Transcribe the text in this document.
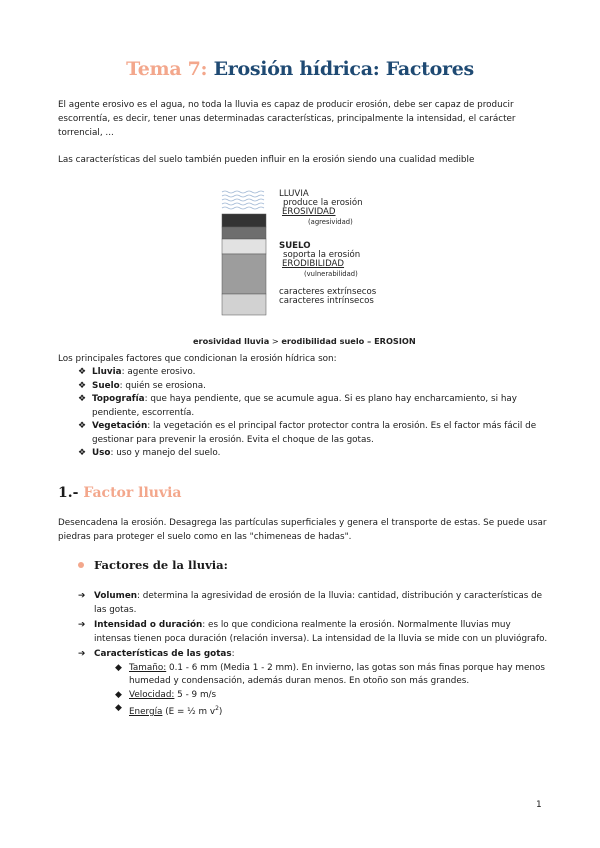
Tema 7: Erosión hídrica: Factores
El agente erosivo es el agua, no toda la lluvia es capaz de producir erosión, debe ser capaz de producir escorrentía, es decir, tener unas determinadas características, principalmente la intensidad, el carácter torrencial, ...
Las características del suelo también pueden influir en la erosión siendo una cualidad medible
LLUVIA
produce la erosión
EROSIVIDAD
(agresividad)
SUELO
soporta la erosión
ERODIBILIDAD
(vulnerabilidad)
caracteres extrínsecos
caracteres intrínsecos
erosividad lluvia > erodibilidad suelo – EROSION
Los principales factores que condicionan la erosión hídrica son:
❖ Lluvia: agente erosivo.
❖ Suelo: quién se erosiona.
❖ Topografía: que haya pendiente, que se acumule agua. Si es plano hay encharcamiento, si hay pendiente, escorrentía.
❖ Vegetación: la vegetación es el principal factor protector contra la erosión. Es el factor más fácil de gestionar para prevenir la erosión. Evita el choque de las gotas.
❖ Uso: uso y manejo del suelo.
1.- Factor lluvia
Desencadena la erosión. Desagrega las partículas superficiales y genera el transporte de estas. Se puede usar piedras para proteger el suelo como en las "chimeneas de hadas".
Factores de la lluvia:
➔ Volumen: determina la agresividad de erosión de la lluvia: cantidad, distribución y características de las gotas.
➔ Intensidad o duración: es lo que condiciona realmente la erosión. Normalmente lluvias muy intensas tienen poca duración (relación inversa). La intensidad de la lluvia se mide con un pluviógrafo.
➔ Características de las gotas:
◆ Tamaño: 0.1 - 6 mm (Media 1 - 2 mm). En invierno, las gotas son más finas porque hay menos humedad y condensación, además duran menos. En otoño son más grandes.
◆ Velocidad: 5 - 9 m/s
◆ Energía (E = ½ m $v^2$)
1
